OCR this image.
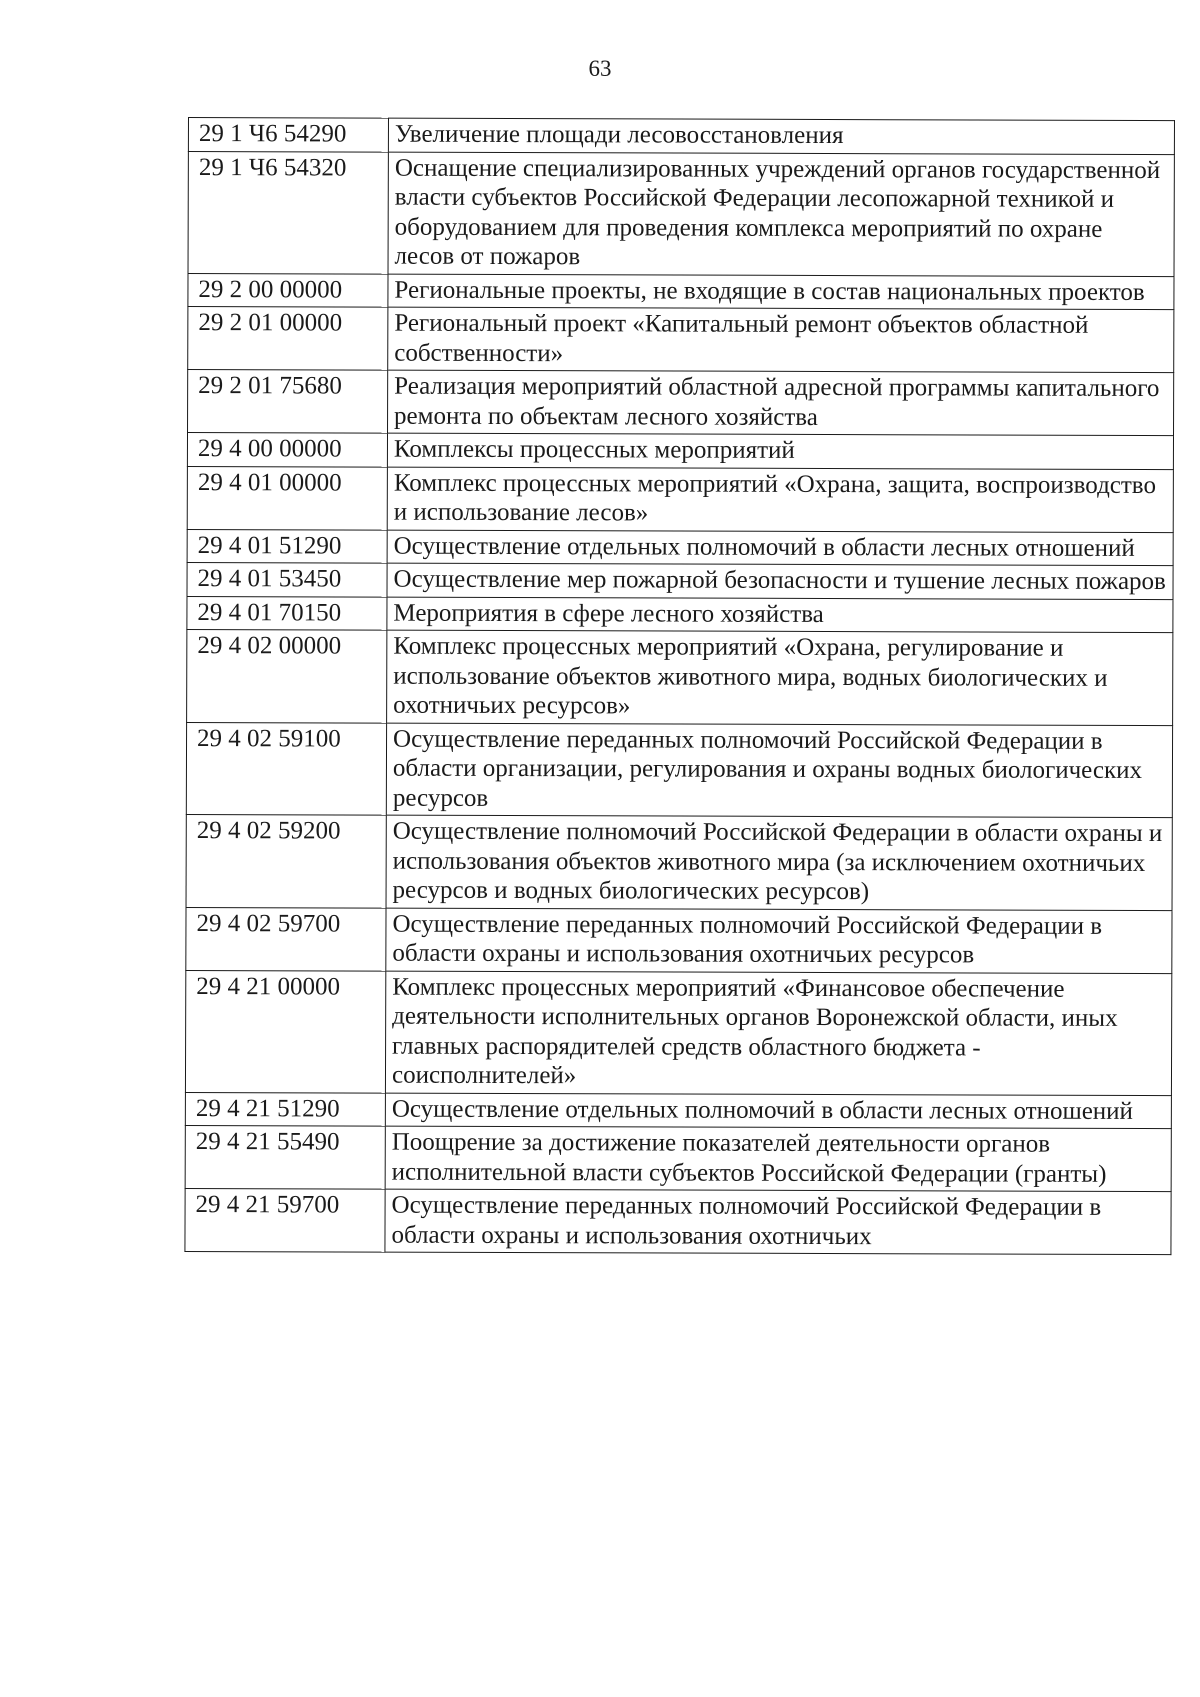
63
29 1 Ч6 54290	Увеличение площади лесовосстановления
29 1 Ч6 54320	Оснащение специализированных учреждений органов государственной власти субъектов Российской Федерации лесопожарной техникой и оборудованием для проведения комплекса мероприятий по охране лесов от пожаров
29 2 00 00000	Региональные проекты, не входящие в состав национальных проектов
29 2 01 00000	Региональный проект «Капитальный ремонт объектов областной собственности»
29 2 01 75680	Реализация мероприятий областной адресной программы капитального ремонта по объектам лесного хозяйства
29 4 00 00000	Комплексы процессных мероприятий
29 4 01 00000	Комплекс процессных мероприятий «Охрана, защита, воспроизводство и использование лесов»
29 4 01 51290	Осуществление отдельных полномочий в области лесных отношений
29 4 01 53450	Осуществление мер пожарной безопасности и тушение лесных пожаров
29 4 01 70150	Мероприятия в сфере лесного хозяйства
29 4 02 00000	Комплекс процессных мероприятий «Охрана, регулирование и использование объектов животного мира, водных биологических и охотничьих ресурсов»
29 4 02 59100	Осуществление переданных полномочий Российской Федерации в области организации, регулирования и охраны водных биологических ресурсов
29 4 02 59200	Осуществление полномочий Российской Федерации в области охраны и использования объектов животного мира (за исключением охотничьих ресурсов и водных биологических ресурсов)
29 4 02 59700	Осуществление переданных полномочий Российской Федерации в области охраны и использования охотничьих ресурсов
29 4 21 00000	Комплекс процессных мероприятий «Финансовое обеспечение деятельности исполнительных органов Воронежской области, иных главных распорядителей средств областного бюджета - соисполнителей»
29 4 21 51290	Осуществление отдельных полномочий в области лесных отношений
29 4 21 55490	Поощрение за достижение показателей деятельности органов исполнительной власти субъектов Российской Федерации (гранты)
29 4 21 59700	Осуществление переданных полномочий Российской Федерации в области охраны и использования охотничьих
